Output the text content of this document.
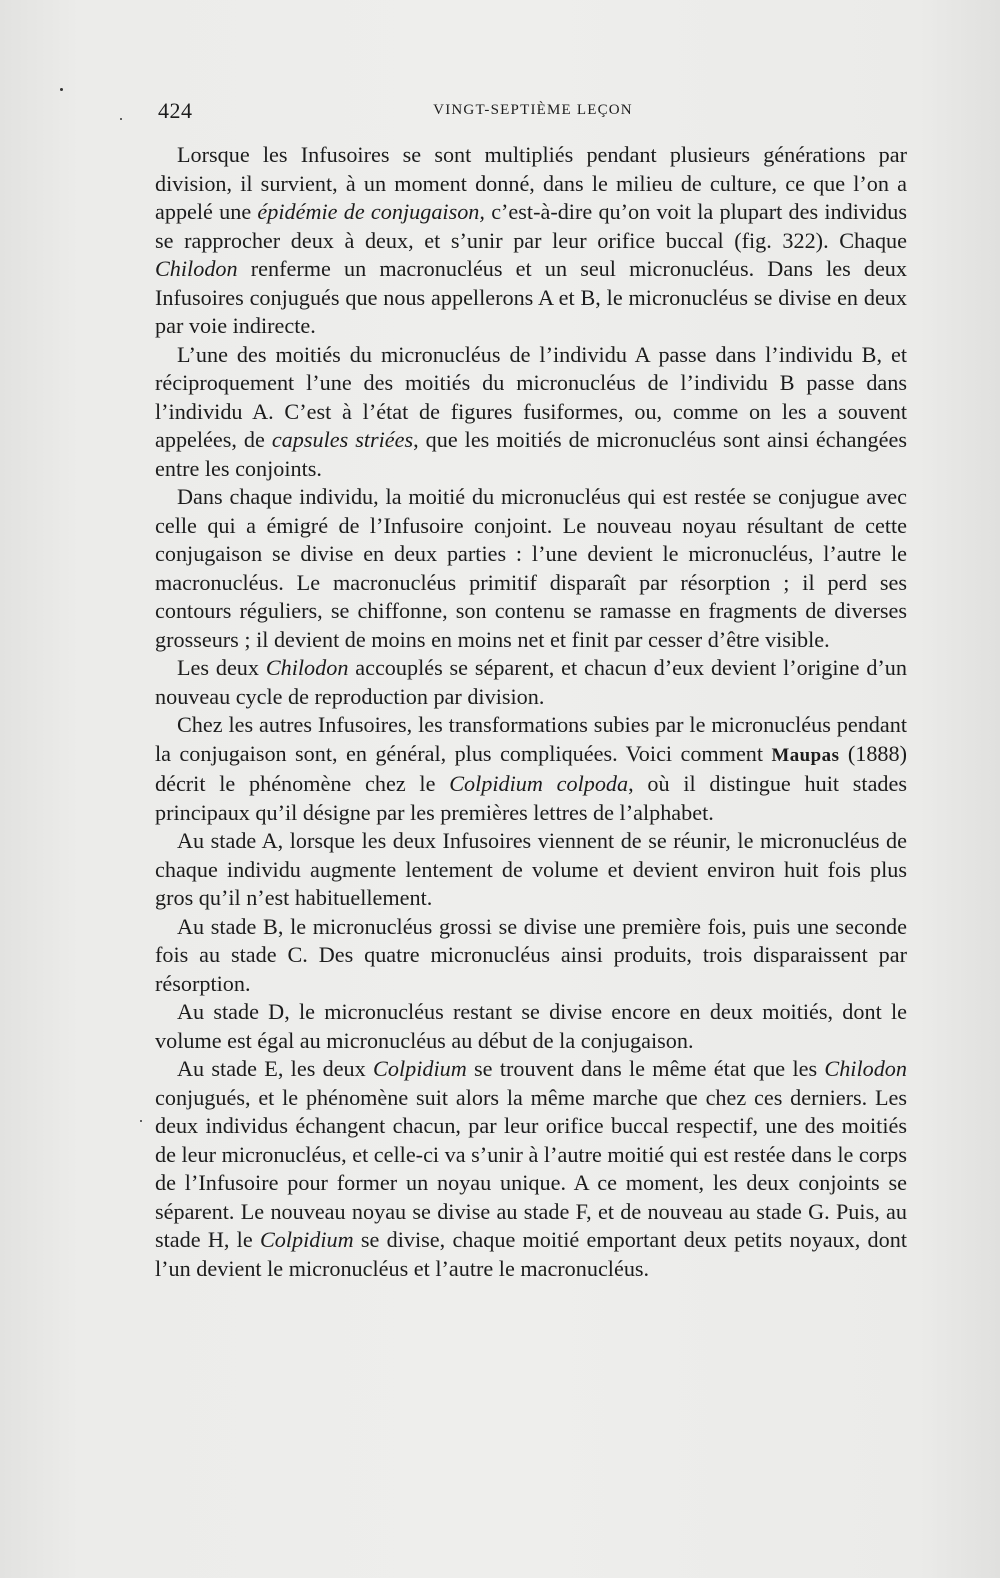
424	VINGT-SEPTIÈME LEÇON

Lorsque les Infusoires se sont multipliés pendant plusieurs générations par division, il survient, à un moment donné, dans le milieu de culture, ce que l’on a appelé une épidémie de conjugaison, c’est-à-dire qu’on voit la plupart des individus se rapprocher deux à deux, et s’unir par leur orifice buccal (fig. 322). Chaque Chilodon renferme un macronucléus et un seul micronucléus. Dans les deux Infusoires conjugués que nous appellerons A et B, le micronucléus se divise en deux par voie indirecte.

L’une des moitiés du micronucléus de l’individu A passe dans l’individu B, et réciproquement l’une des moitiés du micronucléus de l’individu B passe dans l’individu A. C’est à l’état de figures fusiformes, ou, comme on les a souvent appelées, de capsules striées, que les moitiés de micronucléus sont ainsi échangées entre les conjoints.

Dans chaque individu, la moitié du micronucléus qui est restée se conjugue avec celle qui a émigré de l’Infusoire conjoint. Le nouveau noyau résultant de cette conjugaison se divise en deux parties : l’une devient le micronucléus, l’autre le macronucléus. Le macronucléus primitif disparaît par résorption ; il perd ses contours réguliers, se chiffonne, son contenu se ramasse en fragments de diverses grosseurs ; il devient de moins en moins net et finit par cesser d’être visible.

Les deux Chilodon accouplés se séparent, et chacun d’eux devient l’origine d’un nouveau cycle de reproduction par division.

Chez les autres Infusoires, les transformations subies par le micronucléus pendant la conjugaison sont, en général, plus compliquées. Voici comment Maupas (1888) décrit le phénomène chez le Colpidium colpoda, où il distingue huit stades principaux qu’il désigne par les premières lettres de l’alphabet.

Au stade A, lorsque les deux Infusoires viennent de se réunir, le micronucléus de chaque individu augmente lentement de volume et devient environ huit fois plus gros qu’il n’est habituellement.

Au stade B, le micronucléus grossi se divise une première fois, puis une seconde fois au stade C. Des quatre micronucléus ainsi produits, trois disparaissent par résorption.

Au stade D, le micronucléus restant se divise encore en deux moitiés, dont le volume est égal au micronucléus au début de la conjugaison.

Au stade E, les deux Colpidium se trouvent dans le même état que les Chilodon conjugués, et le phénomène suit alors la même marche que chez ces derniers. Les deux individus échangent chacun, par leur orifice buccal respectif, une des moitiés de leur micronucléus, et celle-ci va s’unir à l’autre moitié qui est restée dans le corps de l’Infusoire pour former un noyau unique. A ce moment, les deux conjoints se séparent. Le nouveau noyau se divise au stade F, et de nouveau au stade G. Puis, au stade H, le Colpidium se divise, chaque moitié emportant deux petits noyaux, dont l’un devient le micronucléus et l’autre le macronucléus.
